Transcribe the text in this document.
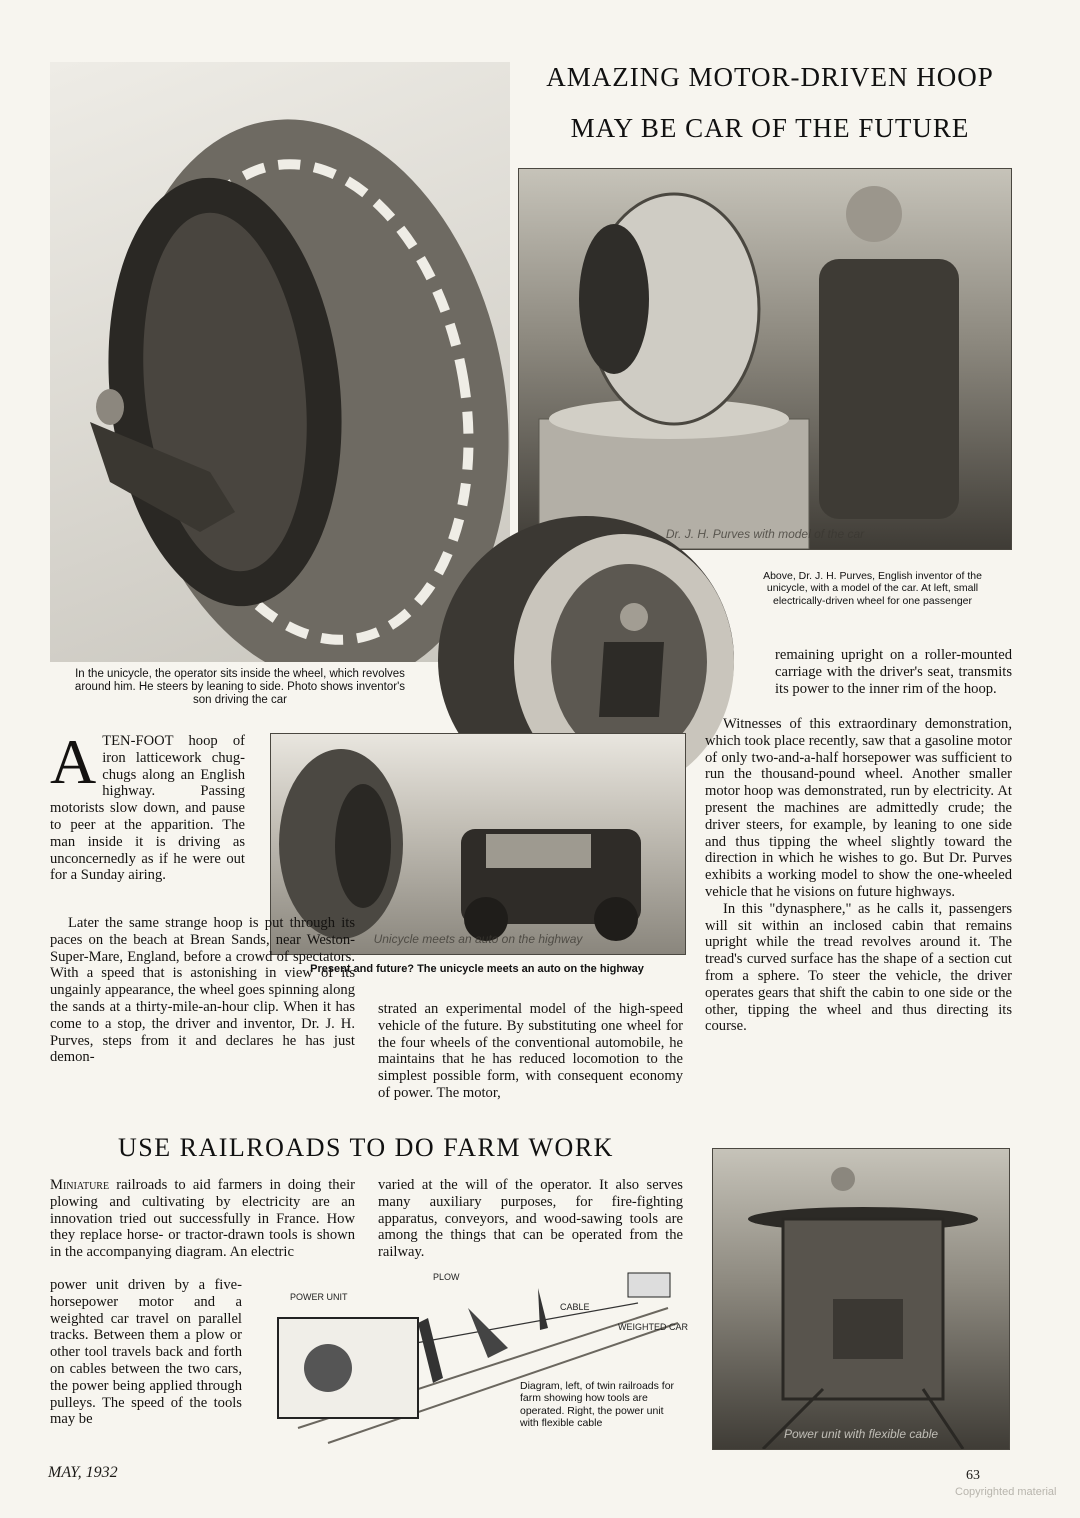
AMAZING MOTOR-DRIVEN HOOP
MAY BE CAR OF THE FUTURE
In the unicycle, the operator sits inside the wheel, which revolves around him. He steers by leaning to side. Photo shows inventor's son driving the car
Dr. J. H. Purves with model of the car
Above, Dr. J. H. Purves, English inventor of the unicycle, with a model of the car. At left, small electrically-driven wheel for one passenger
Unicycle meets an auto on the highway
Present and future? The unicycle meets an auto on the highway
A TEN-FOOT hoop of iron latticework chug-chugs along an English highway. Passing motorists slow down, and pause to peer at the apparition. The man inside it is driving as unconcernedly as if he were out for a Sunday airing.

Later the same strange hoop is put through its paces on the beach at Brean Sands, near Weston-Super-Mare, England, before a crowd of spectators. With a speed that is astonishing in view of its ungainly appearance, the wheel goes spinning along the sands at a thirty-mile-an-hour clip. When it has come to a stop, the driver and inventor, Dr. J. H. Purves, steps from it and declares he has just demon-

strated an experimental model of the high-speed vehicle of the future. By substituting one wheel for the four wheels of the conventional automobile, he maintains that he has reduced locomotion to the simplest possible form, with consequent economy of power. The motor,

remaining upright on a roller-mounted carriage with the driver's seat, transmits its power to the inner rim of the hoop.

Witnesses of this extraordinary demonstration, which took place recently, saw that a gasoline motor of only two-and-a-half horsepower was sufficient to run the thousand-pound wheel. Another smaller motor hoop was demonstrated, run by electricity. At present the machines are admittedly crude; the driver steers, for example, by leaning to one side and thus tipping the wheel slightly toward the direction in which he wishes to go. But Dr. Purves exhibits a working model to show the one-wheeled vehicle that he visions on future highways.

In this "dynasphere," as he calls it, passengers will sit within an inclosed cabin that remains upright while the tread revolves around it. The tread's curved surface has the shape of a section cut from a sphere. To steer the vehicle, the driver operates gears that shift the cabin to one side or the other, tipping the wheel and thus directing its course.

USE RAILROADS TO DO FARM WORK

Miniature railroads to aid farmers in doing their plowing and cultivating by electricity are an innovation tried out successfully in France. How they replace horse- or tractor-drawn tools is shown in the accompanying diagram. An electric

power unit driven by a five-horsepower motor and a weighted car travel on parallel tracks. Between them a plow or other tool travels back and forth on cables between the two cars, the power being applied through pulleys. The speed of the tools may be

varied at the will of the operator. It also serves many auxiliary purposes, for fire-fighting apparatus, conveyors, and wood-sawing tools are among the things that can be operated from the railway.

PLOW
POWER UNIT
CABLE
WEIGHTED CAR
Diagram, left, of twin railroads for farm showing how tools are operated. Right, the power unit with flexible cable
Power unit with flexible cable
MAY, 1932	63
Copyrighted material
